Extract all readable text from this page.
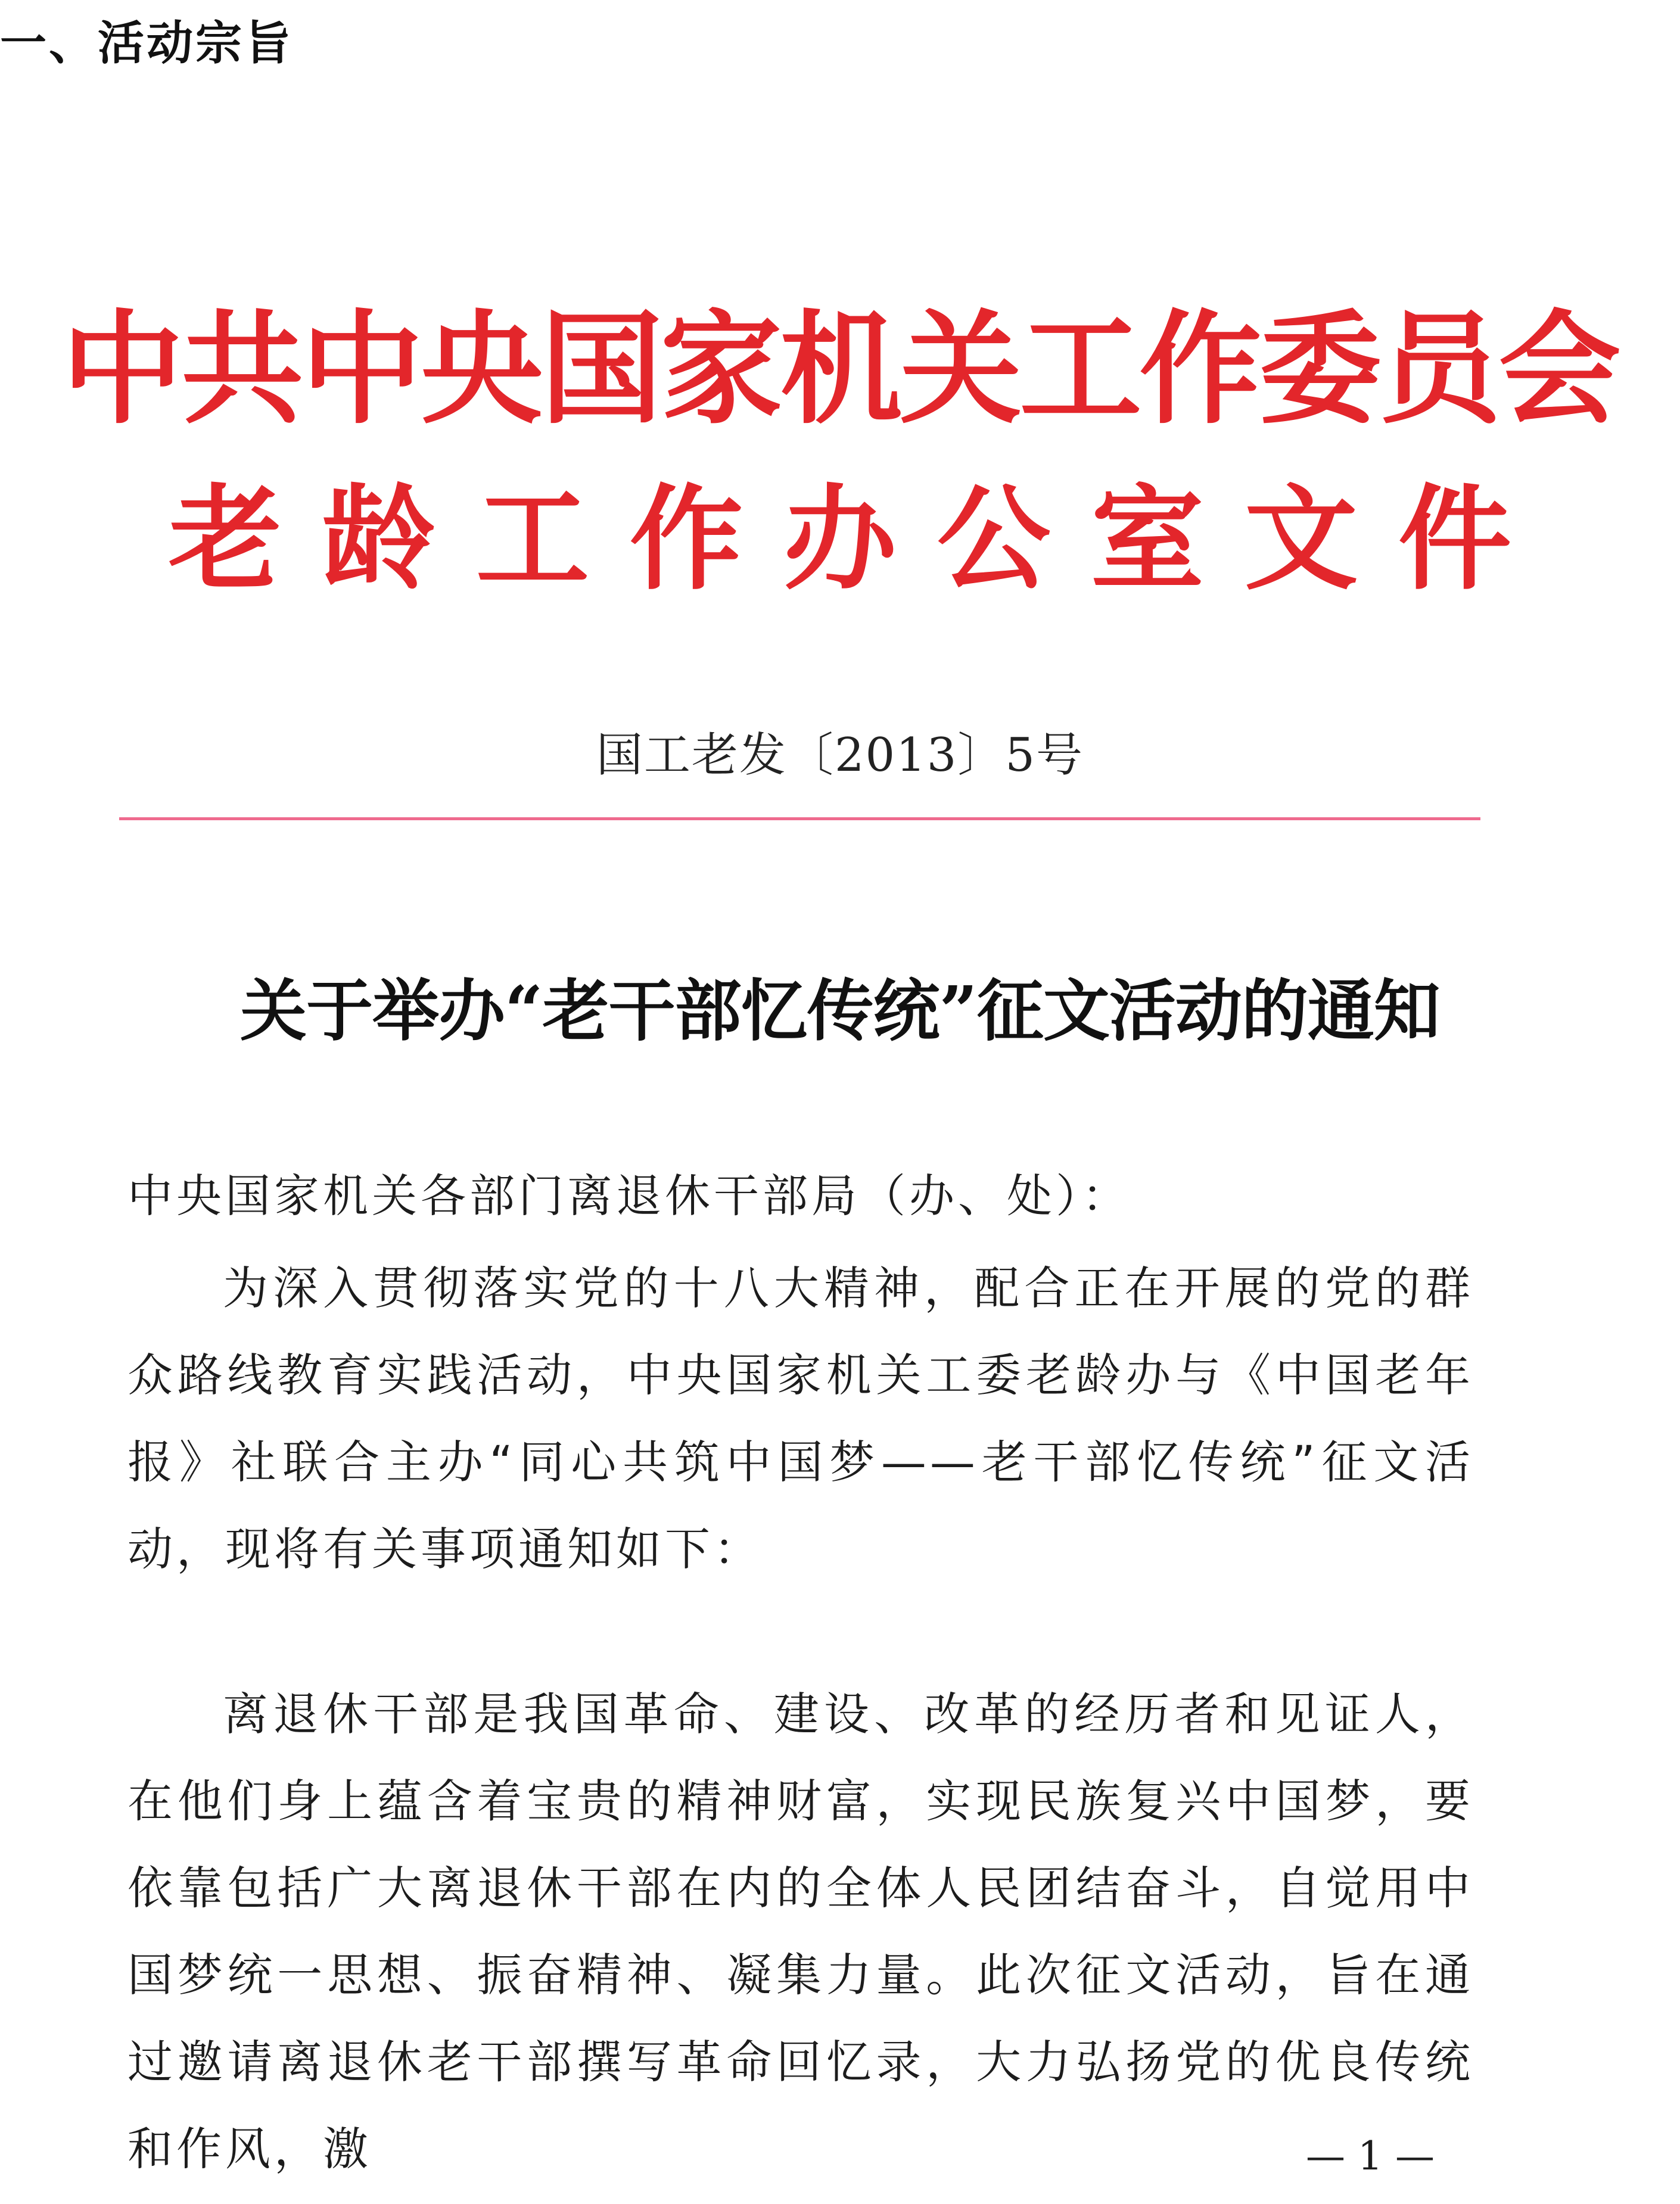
中共中央国家机关工作委员会
老龄工作办公室文件
国工老发〔2013〕5号
关于举办“老干部忆传统”征文活动的通知
中央国家机关各部门离退休干部局（办、处）：
为深入贯彻落实党的十八大精神，配合正在开展的党的群众路线教育实践活动，中央国家机关工委老龄办与《中国老年报》社联合主办“同心共筑中国梦——老干部忆传统”征文活动，现将有关事项通知如下：
一、活动宗旨
离退休干部是我国革命、建设、改革的经历者和见证人，在他们身上蕴含着宝贵的精神财富，实现民族复兴中国梦，要依靠包括广大离退休干部在内的全体人民团结奋斗，自觉用中国梦统一思想、振奋精神、凝集力量。此次征文活动，旨在通过邀请离退休老干部撰写革命回忆录，大力弘扬党的优良传统和作风，激	— 1 —
